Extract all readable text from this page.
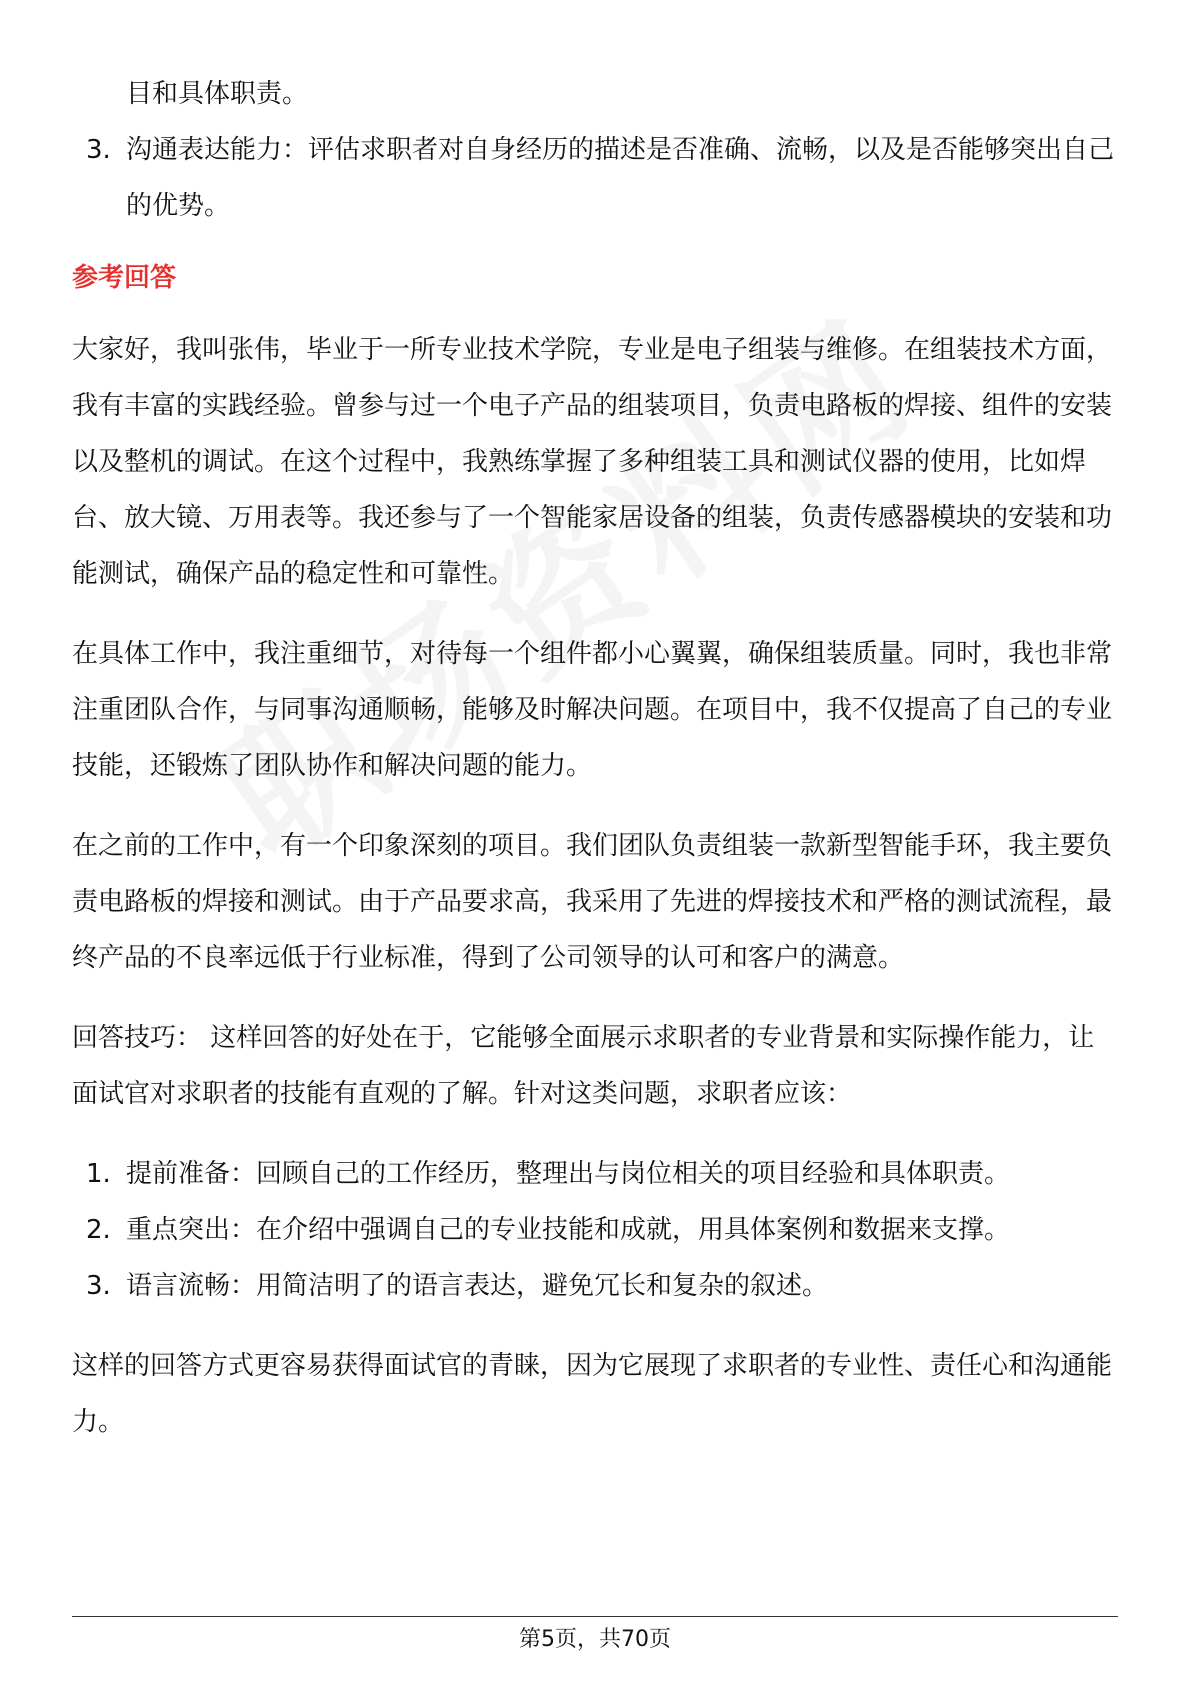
目和具体职责。

3. 沟通表达能力：评估求职者对自身经历的描述是否准确、流畅，以及是否能够突出自己的优势。

参考回答

大家好，我叫张伟，毕业于一所专业技术学院，专业是电子组装与维修。在组装技术方面，我有丰富的实践经验。曾参与过一个电子产品的组装项目，负责电路板的焊接、组件的安装以及整机的调试。在这个过程中，我熟练掌握了多种组装工具和测试仪器的使用，比如焊台、放大镜、万用表等。我还参与了一个智能家居设备的组装，负责传感器模块的安装和功能测试，确保产品的稳定性和可靠性。

在具体工作中，我注重细节，对待每一个组件都小心翼翼，确保组装质量。同时，我也非常注重团队合作，与同事沟通顺畅，能够及时解决问题。在项目中，我不仅提高了自己的专业技能，还锻炼了团队协作和解决问题的能力。

在之前的工作中，有一个印象深刻的项目。我们团队负责组装一款新型智能手环，我主要负责电路板的焊接和测试。由于产品要求高，我采用了先进的焊接技术和严格的测试流程，最终产品的不良率远低于行业标准，得到了公司领导的认可和客户的满意。

回答技巧： 这样回答的好处在于，它能够全面展示求职者的专业背景和实际操作能力，让面试官对求职者的技能有直观的了解。针对这类问题，求职者应该：

1. 提前准备：回顾自己的工作经历，整理出与岗位相关的项目经验和具体职责。
2. 重点突出：在介绍中强调自己的专业技能和成就，用具体案例和数据来支撑。
3. 语言流畅：用简洁明了的语言表达，避免冗长和复杂的叙述。

这样的回答方式更容易获得面试官的青睐，因为它展现了求职者的专业性、责任心和沟通能力。

第5页，共70页
